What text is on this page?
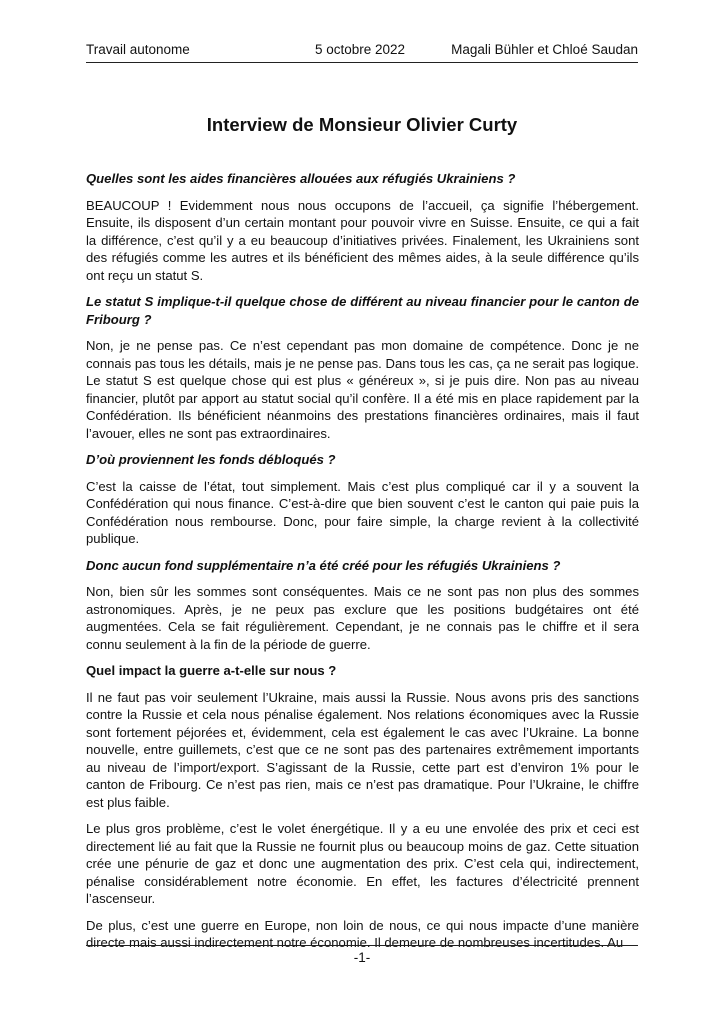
Travail autonome	5 octobre 2022	Magali Bühler et Chloé Saudan
Interview de Monsieur Olivier Curty

Quelles sont les aides financières allouées aux réfugiés Ukrainiens ?

BEAUCOUP ! Evidemment nous nous occupons de l’accueil, ça signifie l’hébergement. Ensuite, ils disposent d’un certain montant pour pouvoir vivre en Suisse. Ensuite, ce qui a fait la différence, c’est qu’il y a eu beaucoup d’initiatives privées. Finalement, les Ukrainiens sont des réfugiés comme les autres et ils bénéficient des mêmes aides, à la seule différence qu’ils ont reçu un statut S.

Le statut S implique-t-il quelque chose de différent au niveau financier pour le canton de Fribourg ?

Non, je ne pense pas. Ce n’est cependant pas mon domaine de compétence. Donc je ne connais pas tous les détails, mais je ne pense pas. Dans tous les cas, ça ne serait pas logique. Le statut S est quelque chose qui est plus « généreux », si je puis dire. Non pas au niveau financier, plutôt par apport au statut social qu’il confère. Il a été mis en place rapidement par la Confédération. Ils bénéficient néanmoins des prestations financières ordinaires, mais il faut l’avouer, elles ne sont pas extraordinaires.

D’où proviennent les fonds débloqués ?

C’est la caisse de l’état, tout simplement. Mais c’est plus compliqué car il y a souvent la Confédération qui nous finance. C’est-à-dire que bien souvent c’est le canton qui paie puis la Confédération nous rembourse. Donc, pour faire simple, la charge revient à la collectivité publique.

Donc aucun fond supplémentaire n’a été créé pour les réfugiés Ukrainiens ?

Non, bien sûr les sommes sont conséquentes. Mais ce ne sont pas non plus des sommes astronomiques. Après, je ne peux pas exclure que les positions budgétaires ont été augmentées. Cela se fait régulièrement. Cependant, je ne connais pas le chiffre et il sera connu seulement à la fin de la période de guerre.

Quel impact la guerre a-t-elle sur nous ?

Il ne faut pas voir seulement l’Ukraine, mais aussi la Russie. Nous avons pris des sanctions contre la Russie et cela nous pénalise également. Nos relations économiques avec la Russie sont fortement péjorées et, évidemment, cela est également le cas avec l’Ukraine. La bonne nouvelle, entre guillemets, c’est que ce ne sont pas des partenaires extrêmement importants au niveau de l’import/export. S’agissant de la Russie, cette part est d’environ 1% pour le canton de Fribourg. Ce n’est pas rien, mais ce n’est pas dramatique. Pour l’Ukraine, le chiffre est plus faible.

Le plus gros problème, c’est le volet énergétique. Il y a eu une envolée des prix et ceci est directement lié au fait que la Russie ne fournit plus ou beaucoup moins de gaz. Cette situation crée une pénurie de gaz et donc une augmentation des prix. C’est cela qui, indirectement, pénalise considérablement notre économie. En effet, les factures d’électricité prennent l’ascenseur.

De plus, c’est une guerre en Europe, non loin de nous, ce qui nous impacte d’une manière directe mais aussi indirectement notre économie. Il demeure de nombreuses incertitudes. Au

-1-
